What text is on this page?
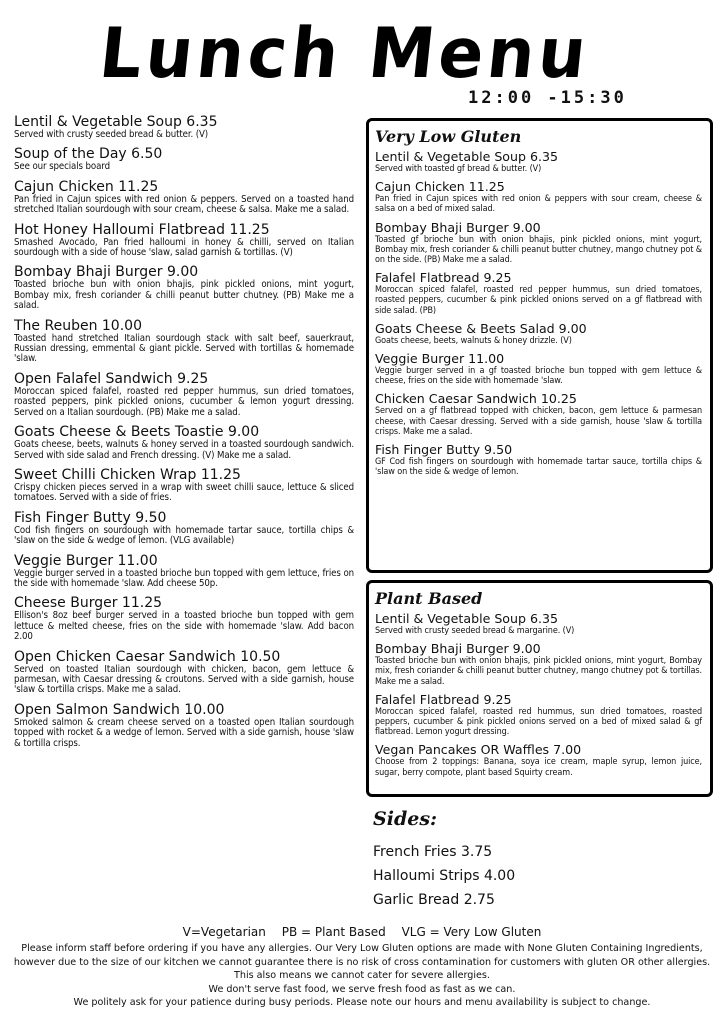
Lunch Menu
12:00 -15:30
Lentil & Vegetable Soup 6.35
Served with crusty seeded bread & butter. (V)
Soup of the Day 6.50
See our specials board
Cajun Chicken 11.25
Pan fried in Cajun spices with red onion & peppers. Served on a toasted hand stretched Italian sourdough with sour cream, cheese & salsa. Make me a salad.
Hot Honey Halloumi Flatbread 11.25
Smashed Avocado, Pan fried halloumi in honey & chilli, served on Italian sourdough with a side of house 'slaw, salad garnish & tortillas. (V)
Bombay Bhaji Burger 9.00
Toasted brioche bun with onion bhajis, pink pickled onions, mint yogurt, Bombay mix, fresh coriander & chilli peanut butter chutney. (PB) Make me a salad.
The Reuben 10.00
Toasted hand stretched Italian sourdough stack with salt beef, sauerkraut, Russian dressing, emmental & giant pickle. Served with tortillas & homemade 'slaw.
Open Falafel Sandwich 9.25
Moroccan spiced falafel, roasted red pepper hummus, sun dried tomatoes, roasted peppers, pink pickled onions, cucumber & lemon yogurt dressing. Served on a Italian sourdough. (PB) Make me a salad.
Goats Cheese & Beets Toastie 9.00
Goats cheese, beets, walnuts & honey served in a toasted sourdough sandwich. Served with side salad and French dressing. (V) Make me a salad.
Sweet Chilli Chicken Wrap 11.25
Crispy chicken pieces served in a wrap with sweet chilli sauce, lettuce & sliced tomatoes. Served with a side of fries.
Fish Finger Butty 9.50
Cod fish fingers on sourdough with homemade tartar sauce, tortilla chips & 'slaw on the side & wedge of lemon. (VLG available)
Veggie Burger 11.00
Veggie burger served in a toasted brioche bun topped with gem lettuce, fries on the side with homemade 'slaw. Add cheese 50p.
Cheese Burger 11.25
Ellison's 8oz beef burger served in a toasted brioche bun topped with gem lettuce & melted cheese, fries on the side with homemade 'slaw. Add bacon 2.00
Open Chicken Caesar Sandwich 10.50
Served on toasted Italian sourdough with chicken, bacon, gem lettuce & parmesan, with Caesar dressing & croutons. Served with a side garnish, house 'slaw & tortilla crisps. Make me a salad.
Open Salmon Sandwich 10.00
Smoked salmon & cream cheese served on a toasted open Italian sourdough topped with rocket & a wedge of lemon. Served with a side garnish, house 'slaw & tortilla crisps.
Very Low Gluten
Lentil & Vegetable Soup 6.35
Served with toasted gf bread & butter. (V)
Cajun Chicken 11.25
Pan fried in Cajun spices with red onion & peppers with sour cream, cheese & salsa on a bed of mixed salad.
Bombay Bhaji Burger 9.00
Toasted gf brioche bun with onion bhajis, pink pickled onions, mint yogurt, Bombay mix, fresh coriander & chilli peanut butter chutney, mango chutney pot & on the side. (PB) Make me a salad.
Falafel Flatbread 9.25
Moroccan spiced falafel, roasted red pepper hummus, sun dried tomatoes, roasted peppers, cucumber & pink pickled onions served on a gf flatbread with side salad. (PB)
Goats Cheese & Beets Salad 9.00
Goats cheese, beets, walnuts & honey drizzle. (V)
Veggie Burger 11.00
Veggie burger served in a gf toasted brioche bun topped with gem lettuce & cheese, fries on the side with homemade 'slaw.
Chicken Caesar Sandwich 10.25
Served on a gf flatbread topped with chicken, bacon, gem lettuce & parmesan cheese, with Caesar dressing. Served with a side garnish, house 'slaw & tortilla crisps. Make me a salad.
Fish Finger Butty 9.50
GF Cod fish fingers on sourdough with homemade tartar sauce, tortilla chips & 'slaw on the side & wedge of lemon.
Plant Based
Lentil & Vegetable Soup 6.35
Served with crusty seeded bread & margarine. (V)
Bombay Bhaji Burger 9.00
Toasted brioche bun with onion bhajis, pink pickled onions, mint yogurt, Bombay mix, fresh coriander & chilli peanut butter chutney, mango chutney pot & tortillas. Make me a salad.
Falafel Flatbread 9.25
Moroccan spiced falafel, roasted red hummus, sun dried tomatoes, roasted peppers, cucumber & pink pickled onions served on a bed of mixed salad & gf flatbread. Lemon yogurt dressing.
Vegan Pancakes OR Waffles 7.00
Choose from 2 toppings: Banana, soya ice cream, maple syrup, lemon juice, sugar, berry compote, plant based Squirty cream.
Sides:
French Fries 3.75
Halloumi Strips 4.00
Garlic Bread 2.75
V=Vegetarian PB = Plant Based VLG = Very Low Gluten
Please inform staff before ordering if you have any allergies. Our Very Low Gluten options are made with None Gluten Containing Ingredients, however due to the size of our kitchen we cannot guarantee there is no risk of cross contamination for customers with gluten OR other allergies. This also means we cannot cater for severe allergies.
We don't serve fast food, we serve fresh food as fast as we can.
We politely ask for your patience during busy periods. Please note our hours and menu availability is subject to change.
